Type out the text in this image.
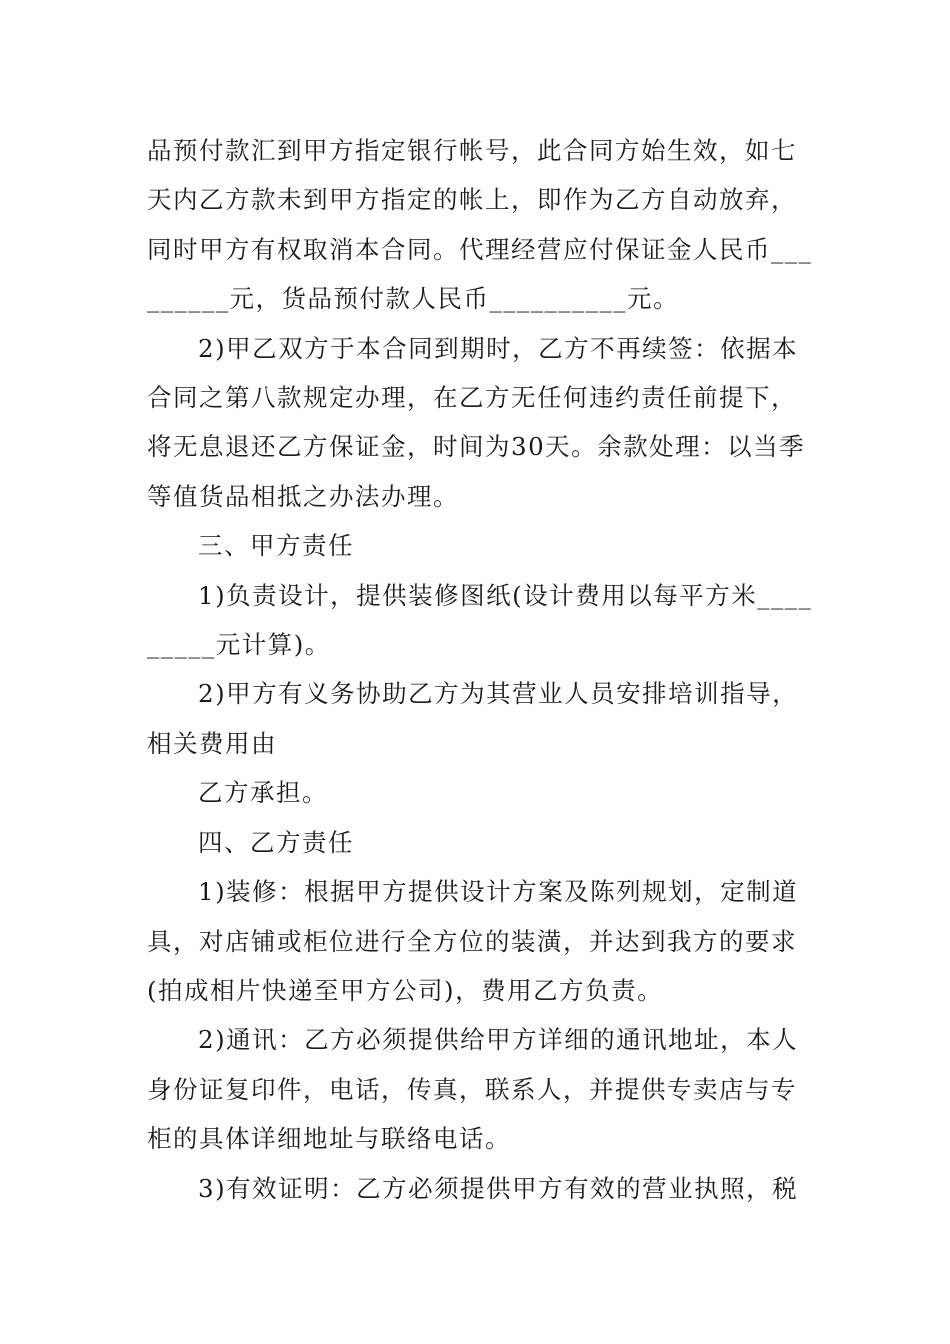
品预付款汇到甲方指定银行帐号，此合同方始生效，如七
天内乙方款未到甲方指定的帐上，即作为乙方自动放弃，
同时甲方有权取消本合同。代理经营应付保证金人民币___
______元，货品预付款人民币__________元。
2)甲乙双方于本合同到期时，乙方不再续签：依据本
合同之第八款规定办理，在乙方无任何违约责任前提下，
将无息退还乙方保证金，时间为30天。余款处理：以当季
等值货品相抵之办法办理。
三、甲方责任
1)负责设计，提供装修图纸(设计费用以每平方米____
_____元计算)。
2)甲方有义务协助乙方为其营业人员安排培训指导，
相关费用由
乙方承担。
四、乙方责任
1)装修：根据甲方提供设计方案及陈列规划，定制道
具，对店铺或柜位进行全方位的装潢，并达到我方的要求
(拍成相片快递至甲方公司)，费用乙方负责。
2)通讯：乙方必须提供给甲方详细的通讯地址，本人
身份证复印件，电话，传真，联系人，并提供专卖店与专
柜的具体详细地址与联络电话。
3)有效证明：乙方必须提供甲方有效的营业执照，税
